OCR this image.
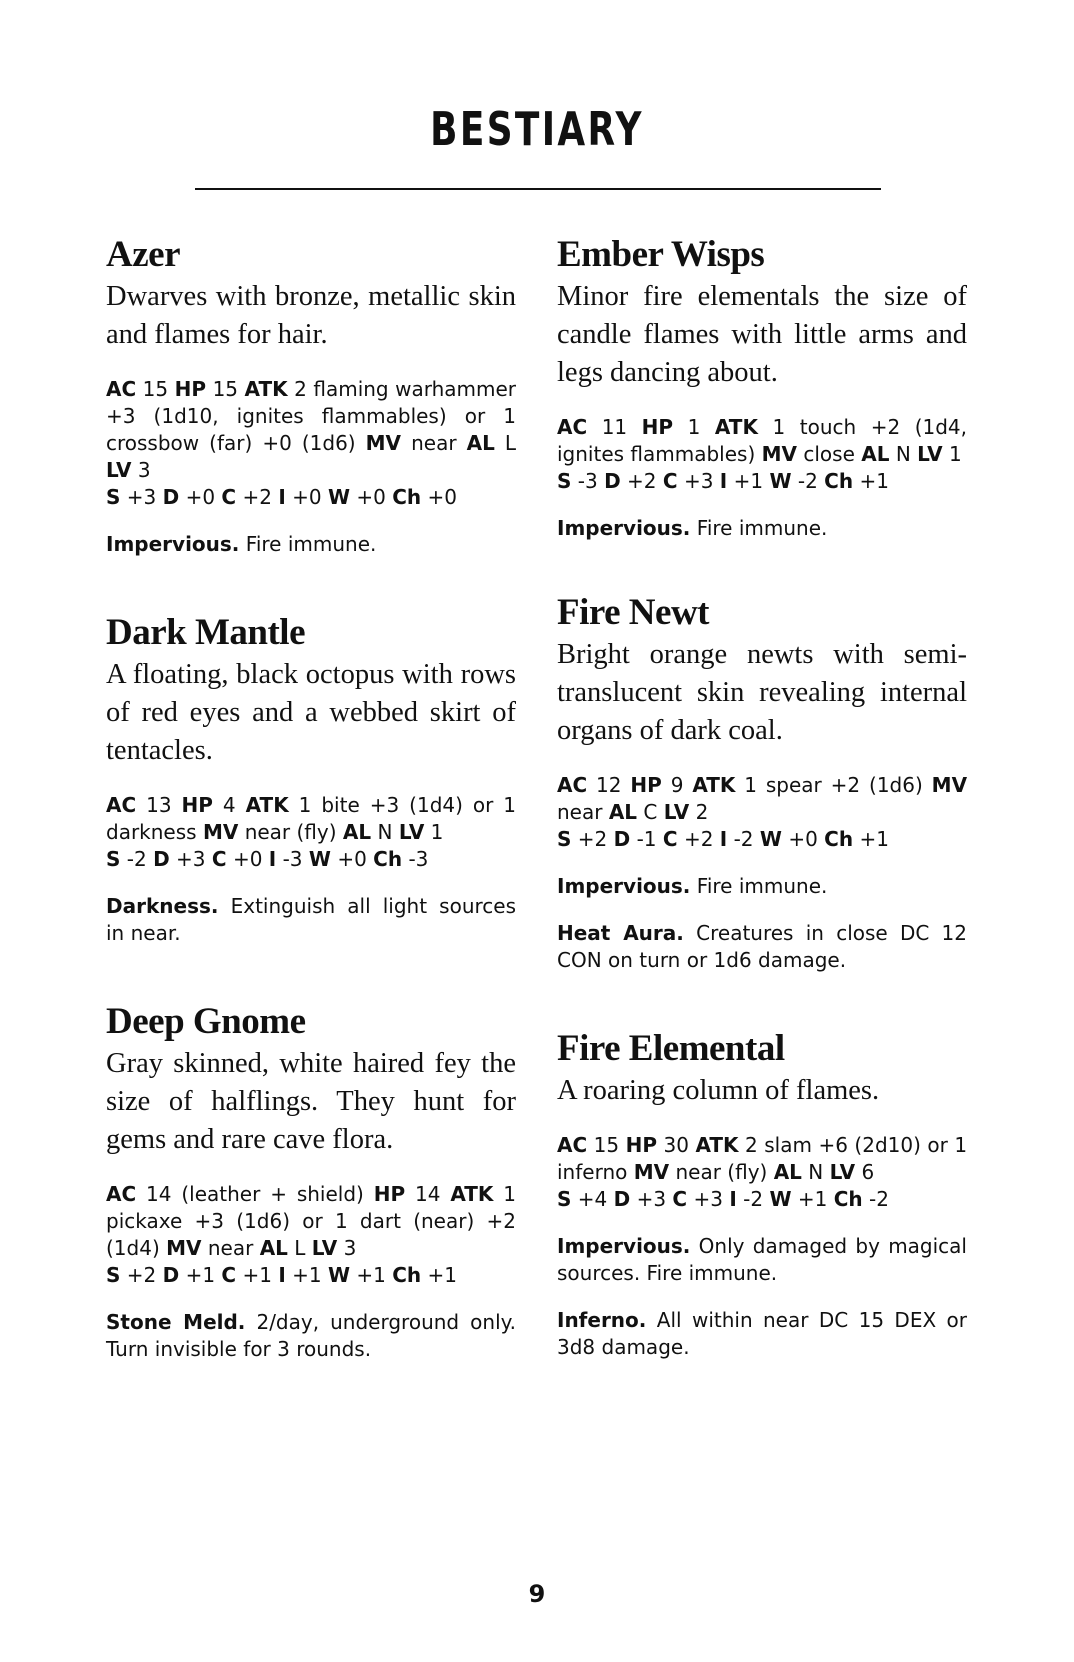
BESTIARY
Azer

Dwarves with bronze, metallic skin and flames for hair.

AC 15 HP 15 ATK 2 flaming warhammer +3 (1d10, ignites flammables) or 1 crossbow (far) +0 (1d6) MV near AL L LV 3
S +3 D +0 C +2 I +0 W +0 Ch +0

Impervious. Fire immune.

Dark Mantle

A floating, black octopus with rows of red eyes and a webbed skirt of tentacles.

AC 13 HP 4 ATK 1 bite +3 (1d4) or 1 darkness MV near (fly) AL N LV 1
S -2 D +3 C +0 I -3 W +0 Ch -3

Darkness. Extinguish all light sources in near.

Deep Gnome

Gray skinned, white haired fey the size of halflings. They hunt for gems and rare cave flora.

AC 14 (leather + shield) HP 14 ATK 1 pickaxe +3 (1d6) or 1 dart (near) +2 (1d4) MV near AL L LV 3
S +2 D +1 C +1 I +1 W +1 Ch +1

Stone Meld. 2/day, underground only. Turn invisible for 3 rounds.

Ember Wisps

Minor fire elementals the size of candle flames with little arms and legs dancing about.

AC 11 HP 1 ATK 1 touch +2 (1d4, ignites flammables) MV close AL N LV 1
S -3 D +2 C +3 I +1 W -2 Ch +1

Impervious. Fire immune.

Fire Newt

Bright orange newts with semi-translucent skin revealing internal organs of dark coal.

AC 12 HP 9 ATK 1 spear +2 (1d6) MV near AL C LV 2
S +2 D -1 C +2 I -2 W +0 Ch +1

Impervious. Fire immune.

Heat Aura. Creatures in close DC 12 CON on turn or 1d6 damage.

Fire Elemental

A roaring column of flames.

AC 15 HP 30 ATK 2 slam +6 (2d10) or 1 inferno MV near (fly) AL N LV 6
S +4 D +3 C +3 I -2 W +1 Ch -2

Impervious. Only damaged by magical sources. Fire immune.

Inferno. All within near DC 15 DEX or 3d8 damage.

9
